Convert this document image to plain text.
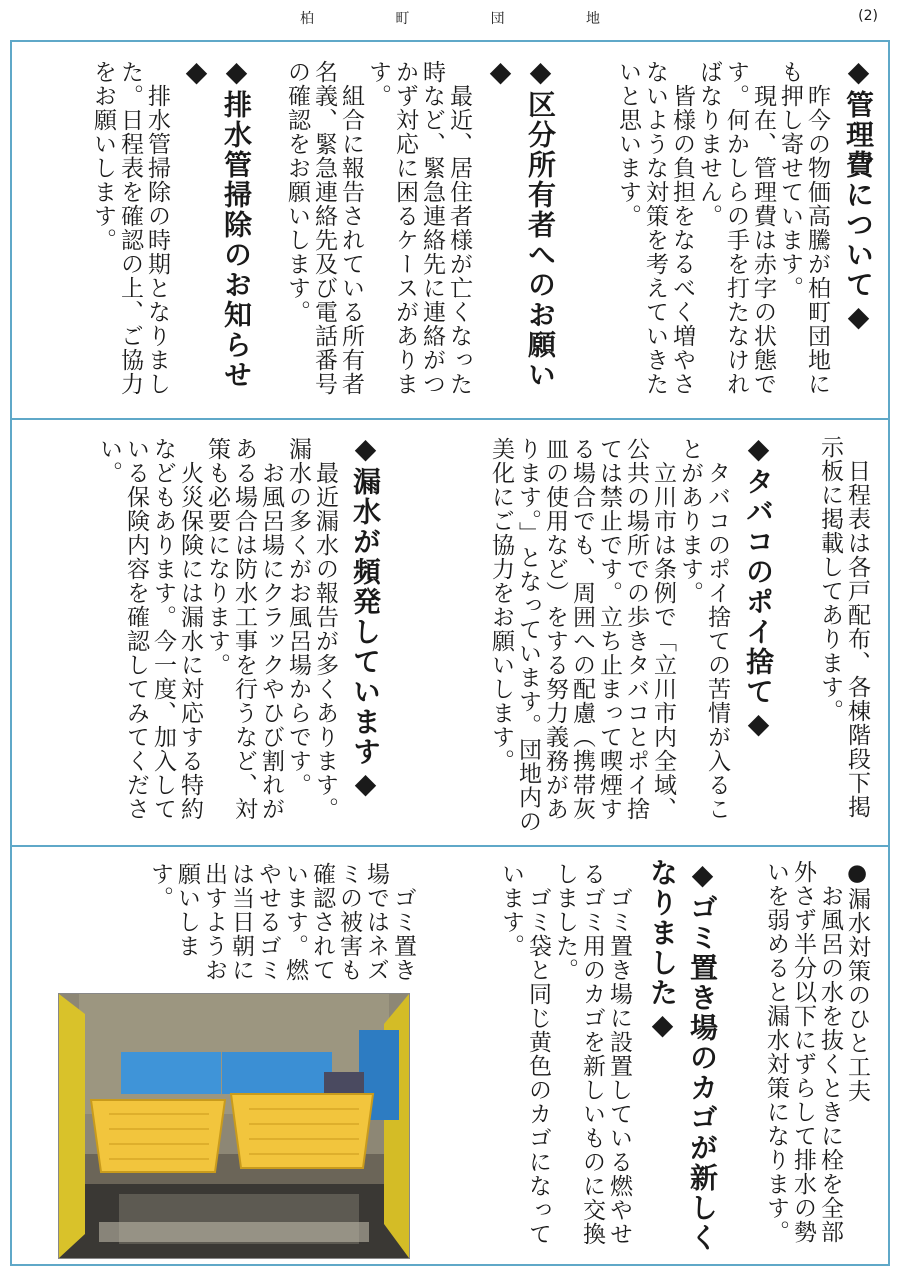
柏	町	団	地	(2)
◆管理費について◆
　昨今の物価高騰が柏町団地にも押し寄せています。
　現在、管理費は赤字の状態です。何かしらの手を打たなければなりません。
　皆様の負担をなるべく増やさないような対策を考えていきたいと思います。
◆区分所有者へのお願い◆
　最近、居住者様が亡くなった時など、緊急連絡先に連絡がつかず対応に困るケースがあります。
　組合に報告されている所有者名義、緊急連絡先及び電話番号の確認をお願いします。
◆排水管掃除のお知らせ◆
　排水管掃除の時期となりました。日程表を確認の上、ご協力をお願いします。
　日程表は各戸配布、各棟階段下掲示板に掲載してあります。
◆タバコのポイ捨て◆
　タバコのポイ捨ての苦情が入ることがあります。
　立川市は条例で「立川市内全域、公共の場所での歩きタバコとポイ捨ては禁止です。立ち止まって喫煙する場合でも、周囲への配慮（携帯灰皿の使用など）をする努力義務があります。」となっています。団地内の美化にご協力をお願いします。
◆漏水が頻発しています◆
　最近漏水の報告が多くあります。漏水の多くがお風呂場からです。
　お風呂場にクラックやひび割れがある場合は防水工事を行うなど、対策も必要になります。
　火災保険には漏水に対応する特約などもあります。今一度、加入している保険内容を確認してみてください。
●漏水対策のひと工夫
　お風呂の水を抜くときに栓を全部外さず半分以下にずらして排水の勢いを弱めると漏水対策になります。
◆ゴミ置き場のカゴが新しくなりました◆
　ゴミ置き場に設置している燃やせるゴミ用のカゴを新しいものに交換しました。
　ゴミ袋と同じ黄色のカゴになっています。
　ゴミ置き場ではネズミの被害も確認されています。燃やせるゴミは当日朝に出すようお願いします。
